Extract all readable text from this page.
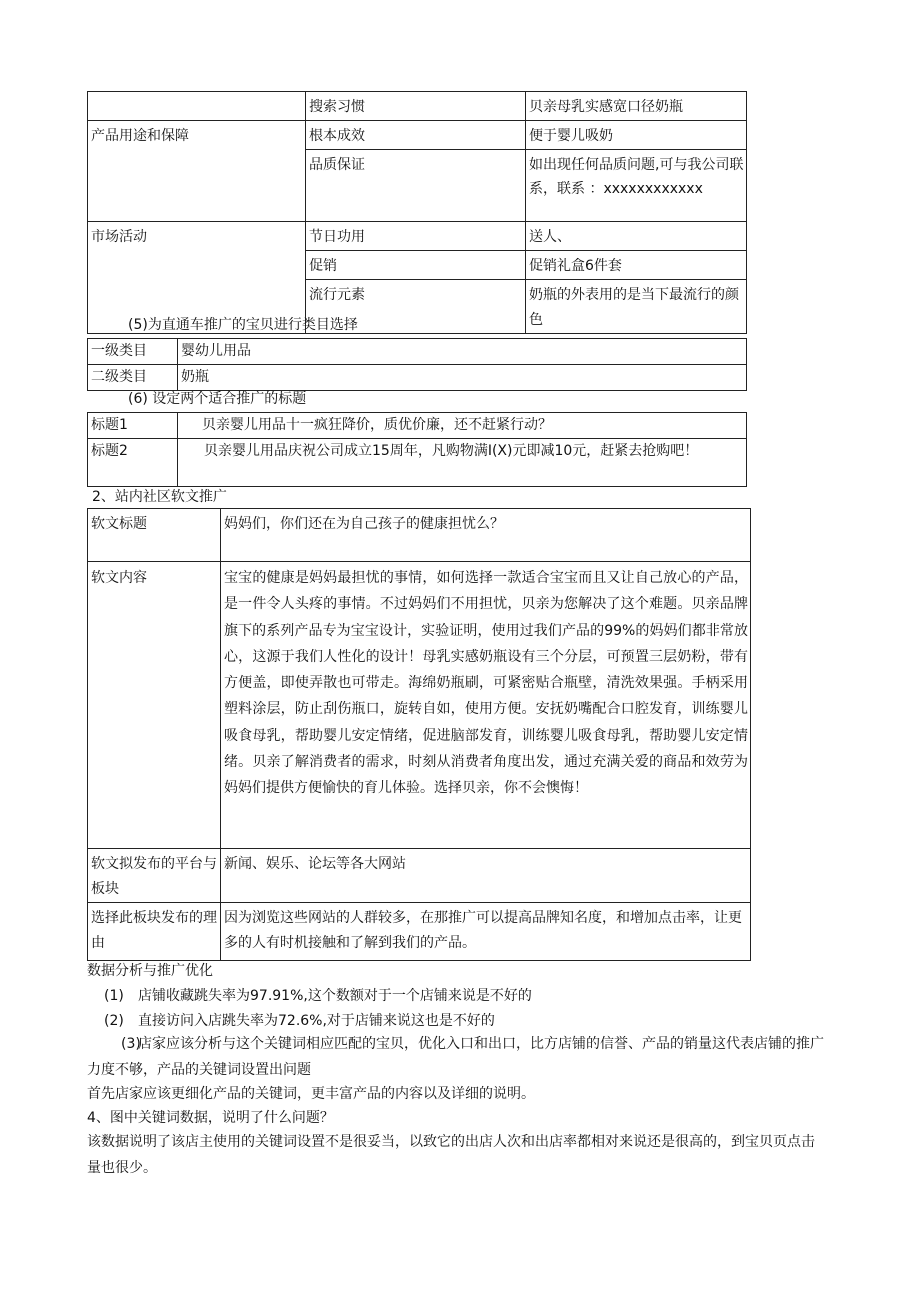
	搜索习惯	贝亲母乳实感宽口径奶瓶
产品用途和保障	根本成效	便于婴儿吸奶
	品质保证	如出现任何品质问题,可与我公司联系，联系 ：xxxxxxxxxxxx
市场活动	节日功用	送人、
	促销	促销礼盒6件套
	流行元素	奶瓶的外表用的是当下最流行的颜色
(5)为直通车推广的宝贝进行类目选择
一级类目	婴幼儿用品
二级类目	奶瓶
(6) 设定两个适合推广的标题
标题1	贝亲婴儿用品十一疯狂降价，质优价廉，还不赶紧行动？
标题2	贝亲婴儿用品庆祝公司成立15周年，凡购物满I(X)元即减10元，赶紧去抢购吧！
2、站内社区软文推广
软文标题	妈妈们，你们还在为自己孩子的健康担忧么？
软文内容	宝宝的健康是妈妈最担忧的事情，如何选择一款适合宝宝而且又让自己放心的产品，是一件令人头疼的事情。不过妈妈们不用担忧，贝亲为您解决了这个难题。贝亲品牌旗下的系列产品专为宝宝设计，实验证明，使用过我们产品的99%的妈妈们都非常放心，这源于我们人性化的设计！母乳实感奶瓶设有三个分层，可预置三层奶粉，带有方便盖，即使弄散也可带走。海绵奶瓶刷，可紧密贴合瓶壁，清洗效果强。手柄采用塑料涂层，防止刮伤瓶口，旋转自如，使用方便。安抚奶嘴配合口腔发育，训练婴儿吸食母乳，帮助婴儿安定情绪，促进脑部发育，训练婴儿吸食母乳，帮助婴儿安定情绪。贝亲了解消费者的需求，时刻从消费者角度出发，通过充满关爱的商品和效劳为妈妈们提供方便愉快的育儿体验。选择贝亲，你不会懊悔！
软文拟发布的平台与板块	新闻、娱乐、论坛等各大网站
选择此板块发布的理由	因为浏览这些网站的人群较多，在那推广可以提高品牌知名度，和增加点击率，让更多的人有时机接触和了解到我们的产品。
数据分析与推广优化
(1) 店铺收藏跳失率为97.91%,这个数额对于一个店铺来说是不好的
(2) 直接访问入店跳失率为72.6%,对于店铺来说这也是不好的
(3)店家应该分析与这个关键词相应匹配的宝贝，优化入口和出口，比方店铺的信誉、产品的销量这代表店铺的推广力度不够，产品的关键词设置出问题
首先店家应该更细化产品的关键词，更丰富产品的内容以及详细的说明。
4、图中关键词数据，说明了什么问题？
该数据说明了该店主使用的关键词设置不是很妥当，以致它的出店人次和出店率都相对来说还是很高的，到宝贝页点击量也很少。
